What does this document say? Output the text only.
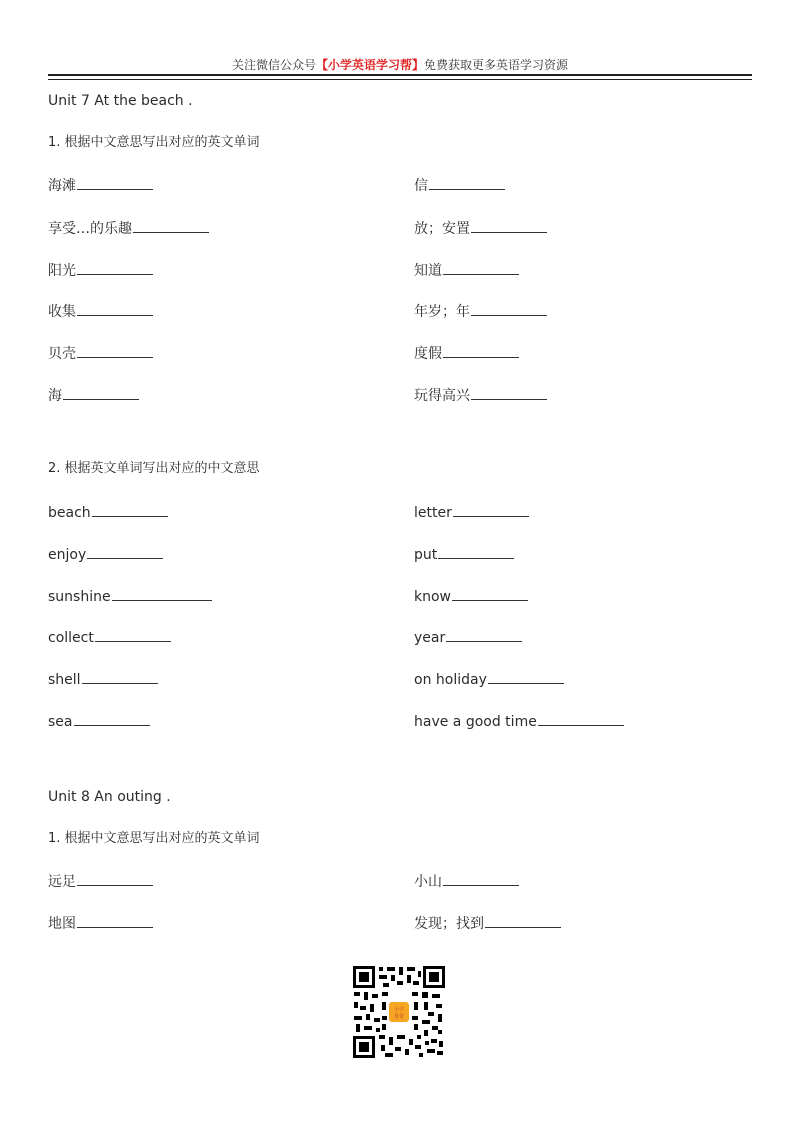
关注微信公众号【小学英语学习帮】免费获取更多英语学习资源
Unit 7 At the beach .
1. 根据中文意思写出对应的英文单词
海滩	信
享受…的乐趣	放；安置
阳光	知道
收集	年岁；年
贝壳	度假
海	玩得高兴
2. 根据英文单词写出对应的中文意思
beach	letter
enjoy	put
sunshine	know
collect	year
shell	on holiday
sea	have a good time
Unit 8 An outing .
1. 根据中文意思写出对应的英文单词
远足	小山
地图	发现；找到
小学
帮帮
